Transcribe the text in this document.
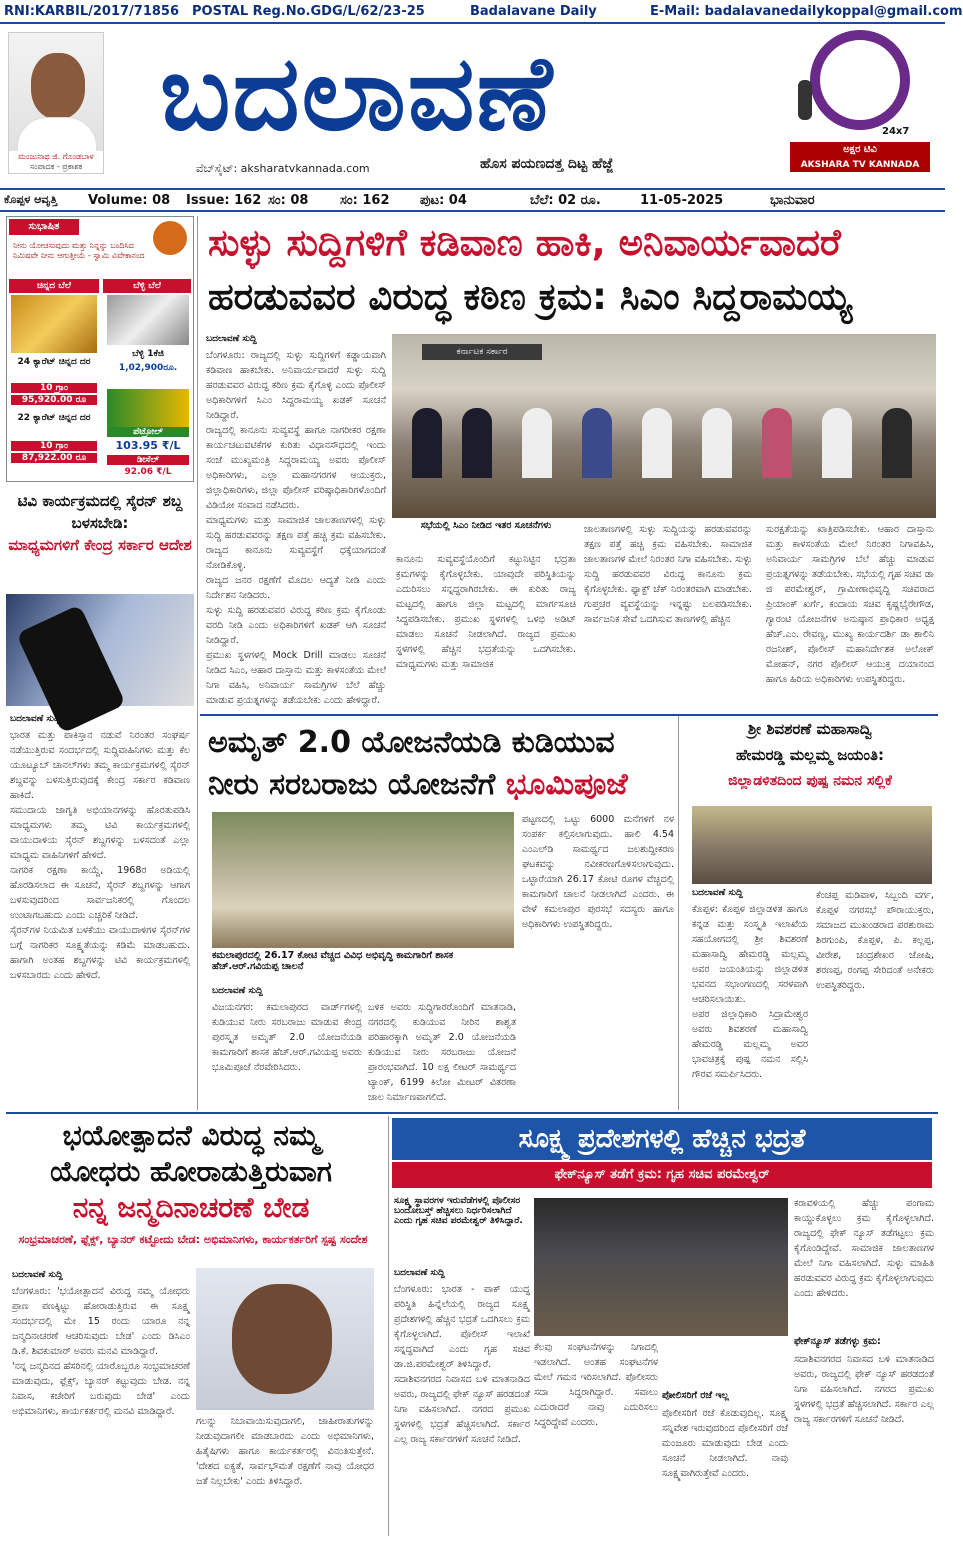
RNI:KARBIL/2017/71856 POSTAL Reg.No.GDG/L/62/23-25	Badalavane Daily	E-Mail: badalavanedailykoppal@gmail.com
ಮಂಜುನಾಥ ಜಿ. ಗೊಂಡಬಾಳ
ಸಂಪಾದಕ - ಪ್ರಕಾಶಕ
ಬದಲಾವಣೆ
ವೆಬ್‌ಸೈಟ್: aksharatvkannada.com	ಹೊಸ ಪಯಣದತ್ತ ದಿಟ್ಟ ಹೆಜ್ಜೆ
24x7
ಅಕ್ಷರ ಟಿವಿ
AKSHARA TV KANNADA
ಕೊಪ್ಪಳ ಆವೃತ್ತಿ Volume: 08 Issue: 162 ಸಂ: 08 ಸಂ: 162 ಪುಟ: 04	ಬೆಲೆ: 02 ರೂ.	11-05-2025	ಭಾನುವಾರ
ಸುಭಾಷಿತ
ನೀನು ಯೋಚಿಸುವುದು ಮತ್ತು ನಿನ್ನನ್ನು ಬಂದಿಸಿದ ನಿಮಿಷವೇ ನೀನು ಆಗುತ್ತೀಯೆ - ಸ್ವಾಮಿ ವಿವೇಕಾನಂದ
ಚಿನ್ನದ ಬೆಲೆ	ಬೆಳ್ಳಿ ಬೆಲೆ
24 ಕ್ಯಾರೆಟ್ ಚಿನ್ನದ ದರ
10 ಗ್ರಾಂ
95,920.00 ರೂ
22 ಕ್ಯಾರೆಟ್ ಚಿನ್ನದ ದರ
10 ಗ್ರಾಂ
87,922.00 ರೂ
ಬೆಳ್ಳಿ 1ಕೆಜಿ
1,02,900ರೂ.
ಪೆಟ್ರೋಲ್
103.95 ₹/L
ಡೀಸೆಲ್
92.06 ₹/L
ಸುಳ್ಳು ಸುದ್ದಿಗಳಿಗೆ ಕಡಿವಾಣ ಹಾಕಿ, ಅನಿವಾರ್ಯವಾದರೆ
ಹರಡುವವರ ವಿರುದ್ಧ ಕಠಿಣ ಕ್ರಮ: ಸಿಎಂ ಸಿದ್ದರಾಮಯ್ಯ
ಬದಲಾವಣೆ ಸುದ್ದಿ

ಬೆಂಗಳೂರು: ರಾಜ್ಯದಲ್ಲಿ ಸುಳ್ಳು ಸುದ್ದಿಗಳಿಗೆ ಕಡ್ಡಾಯವಾಗಿ ಕಡಿವಾಣ ಹಾಕಬೇಕು. ಅನಿವಾರ್ಯವಾದರೆ ಸುಳ್ಳು ಸುದ್ದಿ ಹರಡುವವರ ವಿರುದ್ಧ ಕಠಿಣ ಕ್ರಮ ಕೈಗೊಳ್ಳಿ ಎಂದು ಪೊಲೀಸ್ ಅಧಿಕಾರಿಗಳಿಗೆ ಸಿಎಂ ಸಿದ್ದರಾಮಯ್ಯ ಖಡಕ್ ಸೂಚನೆ ನೀಡಿದ್ದಾರೆ.

ರಾಜ್ಯದಲ್ಲಿ ಕಾನೂನು ಸುವ್ಯವಸ್ಥೆ ಹಾಗೂ ನಾಗರೀಕರ ರಕ್ಷಣಾ ಕಾರ್ಯಚಟುವಟಿಕೆಗಳ ಕುರಿತು ವಿಧಾನಸೌಧದಲ್ಲಿ ಇಂದು ಸಂಜೆ ಮುಖ್ಯಮಂತ್ರಿ ಸಿದ್ದರಾಮಯ್ಯ ಅವರು ಪೊಲೀಸ್ ಅಧಿಕಾರಿಗಳು, ಎಲ್ಲಾ ಮಹಾನಗರಗಳ ಆಯುಕ್ತರು, ಜಿಲ್ಲಾಧಿಕಾರಿಗಳು, ಜಿಲ್ಲಾ ಪೊಲೀಸ್ ವರಿಷ್ಠಾಧಿಕಾರಿಗಳೊಂದಿಗೆ ವಿಡಿಯೋ ಸಂವಾದ ನಡೆಸಿದರು.

ಮಾಧ್ಯಮಗಳು ಮತ್ತು ಸಾಮಾಜಿಕ ಜಾಲತಾಣಗಳಲ್ಲಿ ಸುಳ್ಳು ಸುದ್ದಿ ಹರಡುವವರನ್ನು ತಕ್ಷಣ ಪತ್ತೆ ಹಚ್ಚಿ ಕ್ರಮ ವಹಿಸಬೇಕು. ರಾಜ್ಯದ ಕಾನೂನು ಸುವ್ಯವಸ್ಥೆಗೆ ಧಕ್ಕೆಯಾಗದಂತೆ ನೋಡಿಕೊಳ್ಳಿ.

ರಾಜ್ಯದ ಜನರ ರಕ್ಷಣೆಗೆ ಮೊದಲ ಆದ್ಯತೆ ನೀಡಿ ಎಂದು ನಿರ್ದೇಶನ ನೀಡಿದರು.

ಸುಳ್ಳು ಸುದ್ದಿ ಹರಡುವವರ ವಿರುದ್ಧ ಕಠಿಣ ಕ್ರಮ ಕೈಗೊಂಡು ವರದಿ ನೀಡಿ ಎಂದು ಅಧಿಕಾರಿಗಳಿಗೆ ಖಡಕ್ ಆಗಿ ಸೂಚನೆ ನೀಡಿದ್ದಾರೆ.

ಪ್ರಮುಖ ಸ್ಥಳಗಳಲ್ಲಿ Mock Drill ಮಾಡಲು ಸೂಚನೆ ನೀಡಿದ ಸಿಎಂ, ಆಹಾರ ದಾಸ್ತಾನು ಮತ್ತು ಕಾಳಸಂತೆಯ ಮೇಲೆ ನಿಗಾ ವಹಿಸಿ, ಅನಿವಾರ್ಯ ಸಾಮಗ್ರಿಗಳ ಬೆಲೆ ಹೆಚ್ಚು ಮಾಡುವ ಪ್ರಯತ್ನಗಳನ್ನು ತಡೆಯಬೇಕು ಎಂದು ಹೇಳಿದ್ದಾರೆ.

ಕರ್ನಾಟಕ ಸರ್ಕಾರ
ಸಭೆಯಲ್ಲಿ ಸಿಎಂ ನೀಡಿದ ಇತರ ಸೂಚನೆಗಳು
ಕಾನೂನು ಸುವ್ಯವಸ್ಥೆಯೊಂದಿಗೆ ಕಟ್ಟುನಿಟ್ಟಿನ ಭದ್ರತಾ ಕ್ರಮಗಳನ್ನು ಕೈಗೊಳ್ಳಬೇಕು. ಯಾವುದೇ ಪರಿಸ್ಥಿತಿಯನ್ನು ಎದುರಿಸಲು ಸನ್ನದ್ಧರಾಗಿರಬೇಕು. ಈ ಕುರಿತು ರಾಜ್ಯ ಮಟ್ಟದಲ್ಲಿ ಹಾಗೂ ಜಿಲ್ಲಾ ಮಟ್ಟದಲ್ಲಿ ಮಾರ್ಗಸೂಚಿ ಸಿದ್ಧಪಡಿಸಬೇಕು. ಪ್ರಮುಖ ಸ್ಥಳಗಳಲ್ಲಿ ಒಳಭಿ ಅಡಿಟ್ ಮಾಡಲು ಸೂಚನೆ ನೀಡಲಾಗಿದೆ. ರಾಜ್ಯದ ಪ್ರಮುಖ ಸ್ಥಳಗಳಲ್ಲಿ ಹೆಚ್ಚಿನ ಭದ್ರತೆಯನ್ನು ಒದಗಿಸಬೇಕು. ಮಾಧ್ಯಮಗಳು ಮತ್ತು ಸಾಮಾಜಿಕ
ಜಾಲತಾಣಗಳಲ್ಲಿ ಸುಳ್ಳು ಸುದ್ದಿಯನ್ನು ಹರಡುವವರನ್ನು ತಕ್ಷಣ ಪತ್ತೆ ಹಚ್ಚಿ ಕ್ರಮ ವಹಿಸಬೇಕು. ಸಾಮಾಜಿಕ ಜಾಲತಾಣಗಳ ಮೇಲೆ ನಿರಂತರ ನಿಗಾ ವಹಿಸಬೇಕು. ಸುಳ್ಳು ಸುದ್ದಿ ಹರಡುವವರ ವಿರುದ್ಧ ಕಾನೂನು ಕ್ರಮ ಕೈಗೊಳ್ಳಬೇಕು. ಫ್ಯಾಕ್ಟ್ ಚೆಕ್ ನಿರಂತರವಾಗಿ ಮಾಡಬೇಕು. ಗುಪ್ತಚರ ವ್ಯವಸ್ಥೆಯನ್ನು ಇನ್ನಷ್ಟು ಬಲಪಡಿಸಬೇಕು. ಸಾರ್ವಜನಿಕ ಸೇವೆ ಒದಗಿಸುವ ತಾಣಗಳಲ್ಲಿ ಹೆಚ್ಚಿನ
ಸುರಕ್ಷತೆಯನ್ನು ಖಾತ್ರಿಪಡಿಸಬೇಕು. ಆಹಾರ ದಾಸ್ತಾನು ಮತ್ತು ಕಾಳಸಂತೆಯ ಮೇಲೆ ನಿರಂತರ ನಿಗಾವಹಿಸಿ, ಅನಿವಾರ್ಯ ಸಾಮಗ್ರಿಗಳ ಬೆಲೆ ಹೆಚ್ಚು ಮಾಡುವ ಪ್ರಯತ್ನಗಳನ್ನು ತಡೆಯಬೇಕು. ಸಭೆಯಲ್ಲಿ ಗೃಹ ಸಚಿವ ಡಾ ಜಿ ಪರಮೇಶ್ವರ್, ಗ್ರಾಮೀಣಾಭಿವೃದ್ಧಿ ಸಚಿವರಾದ ಪ್ರಿಯಾಂಕ್ ಖರ್ಗೆ, ಕಂದಾಯ ಸಚಿವ ಕೃಷ್ಣಭೈರೇಗೌಡ, ಗ್ಯಾರಂಟಿ ಯೋಜನೆಗಳ ಅನುಷ್ಠಾನ ಪ್ರಾಧಿಕಾರ ಅಧ್ಯಕ್ಷ ಹೆಚ್.ಎಂ. ರೇವಣ್ಣ, ಮುಖ್ಯ ಕಾರ್ಯದರ್ಶಿ ಡಾ ಶಾಲಿನಿ ರಜನೀಶ್, ಪೊಲೀಸ್ ಮಹಾನಿರ್ದೇಶಕ ಅಲೋಕ್ ಮೋಹನ್, ನಗರ ಪೊಲೀಸ್ ಆಯುಕ್ತ ದಯಾನಂದ ಹಾಗೂ ಹಿರಿಯ ಅಧಿಕಾರಿಗಳು ಉಪಸ್ಥಿತರಿದ್ದರು.
ಟಿವಿ ಕಾರ್ಯಕ್ರಮದಲ್ಲಿ ಸೈರನ್ ಶಬ್ದ ಬಳಸಬೇಡಿ:
ಮಾಧ್ಯಮಗಳಿಗೆ ಕೇಂದ್ರ ಸರ್ಕಾರ ಆದೇಶ
ಬದಲಾವಣೆ ಸುದ್ದಿ

ಭಾರತ ಮತ್ತು ಪಾಕಿಸ್ತಾನ ನಡುವೆ ನಿರಂತರ ಸಂಘರ್ಷ ನಡೆಯುತ್ತಿರುವ ಸಂದರ್ಭದಲ್ಲಿ ಸುದ್ದಿವಾಹಿನಿಗಳು ಮತ್ತು ಕೆಲ ಯೂಟ್ಯೂಬ್ ಚಾನಲ್‌ಗಳು ತಮ್ಮ ಕಾರ್ಯಕ್ರಮಗಳಲ್ಲಿ ಸೈರನ್ ಶಬ್ದವನ್ನು ಬಳಸುತ್ತಿರುವುದಕ್ಕೆ ಕೇಂದ್ರ ಸರ್ಕಾರ ಕಡಿವಾಣ ಹಾಕಿದೆ.

ಸಮುದಾಯ ಜಾಗೃತಿ ಅಭಿಯಾನಗಳನ್ನು ಹೊರತುಪಡಿಸಿ ಮಾಧ್ಯಮಗಳು ತಮ್ಮ ಟಿವಿ ಕಾರ್ಯಕ್ರಮಗಳಲ್ಲಿ ವಾಯುದಾಳಿಯ ಸೈರನ್ ಶಬ್ದಗಳನ್ನು ಬಳಸದಂತೆ ಎಲ್ಲಾ ಮಾಧ್ಯಮ ವಾಹಿನಿಗಳಿಗೆ ಹೇಳಿದೆ.

ನಾಗರಿಕ ರಕ್ಷಣಾ ಕಾಯ್ದೆ, 1968ರ ಅಡಿಯಲ್ಲಿ ಹೊರಡಿಸಲಾದ ಈ ಸೂಚನೆ, ಸೈರನ್ ಶಬ್ದಗಳನ್ನು ಆಗಾಗ ಬಳಸುವುದರಿಂದ ಸಾರ್ವಜನಿಕರಲ್ಲಿ ಗೊಂದಲ ಉಂಟಾಗಬಹುದು ಎಂದು ಎಚ್ಚರಿಕೆ ನೀಡಿದೆ.

ಸೈರನ್‌ಗಳ ನಿಯಮಿತ ಬಳಕೆಯು ವಾಯುದಾಳಿಗಳ ಸೈರನ್‌ಗಳ ಬಗ್ಗೆ ನಾಗರಿಕರ ಸೂಕ್ಷ್ಮತೆಯನ್ನು ಕಡಿಮೆ ಮಾಡಬಹುದು. ಹಾಗಾಗಿ ಅಂತಹ ಶಬ್ದಗಳನ್ನು ಟಿವಿ ಕಾರ್ಯಕ್ರಮಗಳಲ್ಲಿ ಬಳಸಬಾರದು ಎಂದು ಹೇಳಿದೆ.

ಅಮೃತ್ 2.0 ಯೋಜನೆಯಡಿ ಕುಡಿಯುವ
ನೀರು ಸರಬರಾಜು ಯೋಜನೆಗೆ ಭೂಮಿಪೂಜೆ
ಕಮಲಾಪುರದಲ್ಲಿ 26.17 ಕೋಟಿ ವೆಚ್ಚದ ವಿವಿಧ ಅಭಿವೃದ್ಧಿ ಕಾಮಗಾರಿಗೆ ಶಾಸಕ ಹೆಚ್.ಆರ್.ಗವಿಯಪ್ಪ ಚಾಲನೆ
ಬದಲಾವಣೆ ಸುದ್ದಿ
ವಿಜಯನಗರ: ಕಮಲಾಪುರದ ವಾರ್ಡ್‌ಗಳಲ್ಲಿ ಕುಡಿಯುವ ನೀರು ಸರಬರಾಜು ಮಾಡುವ ಕೇಂದ್ರ ಪುರಸ್ಕೃತ ಅಮೃತ್ 2.0 ಯೋಜನೆಯಡಿ ಕಾಮಗಾರಿಗೆ ಶಾಸಕ ಹೆಚ್.ಆರ್.ಗವಿಯಪ್ಪ ಅವರು ಭೂಮಿಪೂಜೆ ನೆರವೇರಿಸಿದರು.
ಬಳಿಕ ಅವರು ಸುದ್ದಿಗಾರರೊಂದಿಗೆ ಮಾತನಾಡಿ, ನಗರದಲ್ಲಿ ಕುಡಿಯುವ ನೀರಿನ ಶಾಶ್ವತ ಪರಿಹಾರಕ್ಕಾಗಿ ಅಮೃತ್ 2.0 ಯೋಜನೆಯಡಿ ಕುಡಿಯುವ ನೀರು ಸರಬರಾಜು ಯೋಜನೆ ಪ್ರಾರಂಭವಾಗಿದೆ. 10 ಲಕ್ಷ ಲೀಟರ್ ಸಾಮರ್ಥ್ಯದ ಟ್ಯಾಂಕ್, 6199 ಕಿಲೋ ಮೀಟರ್ ವಿತರಣಾ ಜಾಲ ನಿರ್ಮಾಣವಾಗಲಿದೆ.
ಪಟ್ಟಣದಲ್ಲಿ ಒಟ್ಟು 6000 ಮನೆಗಳಿಗೆ ನಳ ಸಂಪರ್ಕ ಕಲ್ಪಿಸಲಾಗುವುದು. ಹಾಲಿ 4.54 ಎಂಎಲ್‌ಡಿ ಸಾಮರ್ಥ್ಯದ ಜಲಶುದ್ಧೀಕರಣ ಘಟಕವನ್ನು ನವೀಕರಣಗೊಳಿಸಲಾಗುವುದು. ಒಟ್ಟಾರೆಯಾಗಿ 26.17 ಕೋಟಿ ರೂಗಳ ವೆಚ್ಚದಲ್ಲಿ ಕಾಮಗಾರಿಗೆ ಚಾಲನೆ ನೀಡಲಾಗಿದೆ ಎಂದರು. ಈ ವೇಳೆ ಕಮಲಾಪುರ ಪುರಸಭೆ ಸದಸ್ಯರು ಹಾಗೂ ಅಧಿಕಾರಿಗಳು ಉಪಸ್ಥಿತರಿದ್ದರು.
ಶ್ರೀ ಶಿವಶರಣೆ ಮಹಾಸಾದ್ವಿ
ಹೇಮರಡ್ಡಿ ಮಲ್ಲಮ್ಮ ಜಯಂತಿ:
ಜಿಲ್ಲಾಡಳಿತದಿಂದ ಪುಷ್ಪ ನಮನ ಸಲ್ಲಿಕೆ
ಬದಲಾವಣೆ ಸುದ್ದಿ

ಕೊಪ್ಪಳ: ಕೊಪ್ಪಳ ಜಿಲ್ಲಾಡಳಿತ ಹಾಗೂ ಕನ್ನಡ ಮತ್ತು ಸಂಸ್ಕೃತಿ ಇಲಾಖೆಯ ಸಹಯೋಗದಲ್ಲಿ ಶ್ರೀ ಶಿವಶರಣೆ ಮಹಾಸಾದ್ವಿ ಹೇಮರಡ್ಡಿ ಮಲ್ಲಮ್ಮ ಅವರ ಜಯಂತಿಯನ್ನು ಜಿಲ್ಲಾಡಳಿತ ಭವನದ ಸಭಾಂಗಣದಲ್ಲಿ ಸರಳವಾಗಿ ಆಚರಿಸಲಾಯಿತು.

ಅಪರ ಜಿಲ್ಲಾಧಿಕಾರಿ ಸಿದ್ರಾಮೇಶ್ವರ ಅವರು ಶಿವಶರಣೆ ಮಹಾಸಾದ್ವಿ ಹೇಮರಡ್ಡಿ ಮಲ್ಲಮ್ಮ ಅವರ ಭಾವಚಿತ್ರಕ್ಕೆ ಪುಷ್ಪ ನಮನ ಸಲ್ಲಿಸಿ ಗೌರವ ಸಮರ್ಪಿಸಿದರು.

ಕೆಂಚಪ್ಪ ಮಡಿವಾಳ, ಸಿಬ್ಬಂದಿ ವರ್ಗ, ಕೊಪ್ಪಳ ನಗರಸಭೆ ಪೌರಾಯುಕ್ತರು, ಸಮಾಜದ ಮುಖಂಡರಾದ ಪರಶುರಾಮ ಶಿರಗುಂಪಿ, ಕೊಪ್ಪಳ, ಪಿ. ಕಲ್ಲಪ್ಪ, ವೀರೇಶ, ಚಂದ್ರಶೇಖರ ಜೋಷಿ, ಶರಣಪ್ಪ, ರಂಗಪ್ಪ ಸೇರಿದಂತೆ ಅನೇಕರು ಉಪಸ್ಥಿತರಿದ್ದರು.
ಭಯೋತ್ಪಾದನೆ ವಿರುದ್ಧ ನಮ್ಮ
ಯೋಧರು ಹೋರಾಡುತ್ತಿರುವಾಗ
ನನ್ನ ಜನ್ಮದಿನಾಚರಣೆ ಬೇಡ
ಸಂಭ್ರಮಾಚರಣೆ, ಫ್ಲೆಕ್ಸ್, ಬ್ಯಾನರ್ ಕಟ್ಟೋದು ಬೇಡ: ಅಭಿಮಾನಿಗಳು, ಕಾರ್ಯಕರ್ತರಿಗೆ ಸ್ಪಷ್ಟ ಸಂದೇಶ
ಬದಲಾವಣೆ ಸುದ್ದಿ

ಬೆಂಗಳೂರು: 'ಭಯೋತ್ಪಾದನೆ ವಿರುದ್ಧ ನಮ್ಮ ಯೋಧರು ಪ್ರಾಣ ಪಣಕ್ಕಿಟ್ಟು ಹೋರಾಡುತ್ತಿರುವ ಈ ಸೂಕ್ಷ್ಮ ಸಂದರ್ಭದಲ್ಲಿ ಮೇ 15 ರಂದು ಯಾರೂ ನನ್ನ ಜನ್ಮದಿನಾಚರಣೆ ಆಚರಿಸುವುದು ಬೇಡ' ಎಂದು ಡಿಸಿಎಂ ಡಿ.ಕೆ. ಶಿವಕುಮಾರ್ ಅವರು ಮನವಿ ಮಾಡಿದ್ದಾರೆ.

'ನನ್ನ ಜನ್ಮದಿನದ ಹೆಸರಿನಲ್ಲಿ ಯಾರೊಬ್ಬರೂ ಸಂಭ್ರಮಾಚರಣೆ ಮಾಡುವುದು, ಫ್ಲೆಕ್ಸ್, ಬ್ಯಾನರ್ ಕಟ್ಟುವುದು ಬೇಡ. ನನ್ನ ನಿವಾಸ, ಕಚೇರಿಗೆ ಬರುವುದು ಬೇಡ' ಎಂದು ಅಭಿಮಾನಿಗಳು, ಕಾರ್ಯಕರ್ತರಲ್ಲಿ ಮನವಿ ಮಾಡಿದ್ದಾರೆ.

ಗಲನ್ನು ನಿಬಾವಾಯಿಸುವುದಾಗಲಿ, ಜಾಹೀರಾತುಗಳನ್ನು ನೀಡುವುದಾಗಲೀ ಮಾಡಬಾರದು ಎಂದು ಅಭಿಮಾನಿಗಳು, ಹಿತೈಷಿಗಳು ಹಾಗೂ ಕಾರ್ಯಕರ್ತರಲ್ಲಿ ವಿನಂತಿಸುತ್ತೇನೆ. 'ದೇಶದ ಐಕ್ಯತೆ, ಸಾರ್ವಭೌಮತೆ ರಕ್ಷಣೆಗೆ ನಾವು ಯೋಧರ ಜತೆ ನಿಲ್ಲಬೇಕು' ಎಂದು ತಿಳಿಸಿದ್ದಾರೆ.
ಸೂಕ್ಷ್ಮ ಪ್ರದೇಶಗಳಲ್ಲಿ ಹೆಚ್ಚಿನ ಭದ್ರತೆ
ಫೇಕ್‌ನ್ಯೂಸ್ ತಡೆಗೆ ಕ್ರಮ: ಗೃಹ ಸಚಿವ ಪರಮೇಶ್ವರ್
ಸೂಕ್ಷ್ಮ ಸ್ಥಾವರಗಳ ಇರುವೆಡೆಗಳಲ್ಲಿ ಪೊಲೀಸರ ಬಂದೋಬಸ್ತ್ ಹೆಚ್ಚಿಸಲು ನಿರ್ಧರಿಸಲಾಗಿದೆ ಎಂದು ಗೃಹ ಸಚಿವ ಪರಮೇಶ್ವರ್ ತಿಳಿಸಿದ್ದಾರೆ.
ಬದಲಾವಣೆ ಸುದ್ದಿ

ಬೆಂಗಳೂರು: ಭಾರತ - ಪಾಕ್ ಯುದ್ಧ ಪರಿಸ್ಥಿತಿ ಹಿನ್ನೆಲೆಯಲ್ಲಿ ರಾಜ್ಯದ ಸೂಕ್ಷ್ಮ ಪ್ರದೇಶಗಳಲ್ಲಿ ಹೆಚ್ಚಿನ ಭದ್ರತೆ ಒದಗಿಸಲು ಕ್ರಮ ಕೈಗೊಳ್ಳಲಾಗಿದೆ. ಪೊಲೀಸ್ ಇಲಾಖೆ ಸನ್ನದ್ಧವಾಗಿದೆ ಎಂದು ಗೃಹ ಸಚಿವ ಡಾ.ಜಿ.ಪರಮೇಶ್ವರ್ ತಿಳಿಸಿದ್ದಾರೆ.

ಸದಾಶಿವನಗರದ ನಿವಾಸದ ಬಳಿ ಮಾತನಾಡಿದ ಅವರು, ರಾಜ್ಯದಲ್ಲಿ ಫೇಕ್ ನ್ಯೂಸ್ ಹರಡದಂತೆ ನಿಗಾ ವಹಿಸಲಾಗಿದೆ. ನಗರದ ಪ್ರಮುಖ ಸ್ಥಳಗಳಲ್ಲಿ ಭದ್ರತೆ ಹೆಚ್ಚಿಸಲಾಗಿದೆ. ಸರ್ಕಾರ ಎಲ್ಲ ರಾಜ್ಯ ಸರ್ಕಾರಗಳಿಗೆ ಸೂಚನೆ ನೀಡಿದೆ.

ಕೆಲವು ಸಂಘಟನೆಗಳನ್ನು ನಿಗಾದಲ್ಲಿ ಇಡಲಾಗಿದೆ. ಅಂತಹ ಸಂಘಟನೆಗಳ ಮೇಲೆ ಗಮನ ಇರಿಸಲಾಗಿದೆ. ಪೊಲೀಸರು ಸದಾ ಸಿದ್ಧರಾಗಿದ್ದಾರೆ. ಸವಾಲು ಎದುರಾದರೆ ನಾವು ಎದುರಿಸಲು ಸಿದ್ಧರಿದ್ದೇವೆ ಎಂದರು.
ಪೋಲಿಸರಿಗೆ ರಜೆ ಇಲ್ಲ
ಪೊಲೀಸರಿಗೆ ರಜೆ ಕೊಡುವುದಿಲ್ಲ. ಸೂಕ್ಷ್ಮ ಸನ್ನಿವೇಶ ಇರುವುದರಿಂದ ಪೊಲೀಸರಿಗೆ ರಜೆ ಮಂಜೂರು ಮಾಡುವುದು ಬೇಡ ಎಂದು ಸೂಚನೆ ನೀಡಲಾಗಿದೆ. ನಾವು ಸೂಕ್ಷ್ಮವಾಗಿರುತ್ತೇವೆ ಎಂದರು.
ಫೇಕ್‌ನ್ಯೂಸ್ ತಡೆಗಳ್ಳು ಕ್ರಮ:
ಕರಾವಳಿಯಲ್ಲಿ ಹೆಚ್ಚು ಪಂಗಾಮ ಕಾಯ್ದುಕೊಳ್ಳಲು ಕ್ರಮ ಕೈಗೊಳ್ಳಲಾಗಿದೆ. ರಾಜ್ಯದಲ್ಲಿ ಫೇಕ್ ನ್ಯೂಸ್ ತಡೆಗಟ್ಟಲು ಕ್ರಮ ಕೈಗೊಂಡಿದ್ದೇವೆ. ಸಾಮಾಜಿಕ ಜಾಲತಾಣಗಳ ಮೇಲೆ ನಿಗಾ ವಹಿಸಲಾಗಿದೆ. ಸುಳ್ಳು ಮಾಹಿತಿ ಹರಡುವವರ ವಿರುದ್ಧ ಕ್ರಮ ಕೈಗೊಳ್ಳಲಾಗುವುದು ಎಂದು ಹೇಳಿದರು.
ಸದಾಶಿವನಗರದ ನಿವಾಸದ ಬಳಿ ಮಾತನಾಡಿದ ಅವರು, ರಾಜ್ಯದಲ್ಲಿ ಫೇಕ್ ನ್ಯೂಸ್ ಹರಡದಂತೆ ನಿಗಾ ವಹಿಸಲಾಗಿದೆ. ನಗರದ ಪ್ರಮುಖ ಸ್ಥಳಗಳಲ್ಲಿ ಭದ್ರತೆ ಹೆಚ್ಚಿಸಲಾಗಿದೆ. ಸರ್ಕಾರ ಎಲ್ಲ ರಾಜ್ಯ ಸರ್ಕಾರಗಳಿಗೆ ಸೂಚನೆ ನೀಡಿದೆ.
